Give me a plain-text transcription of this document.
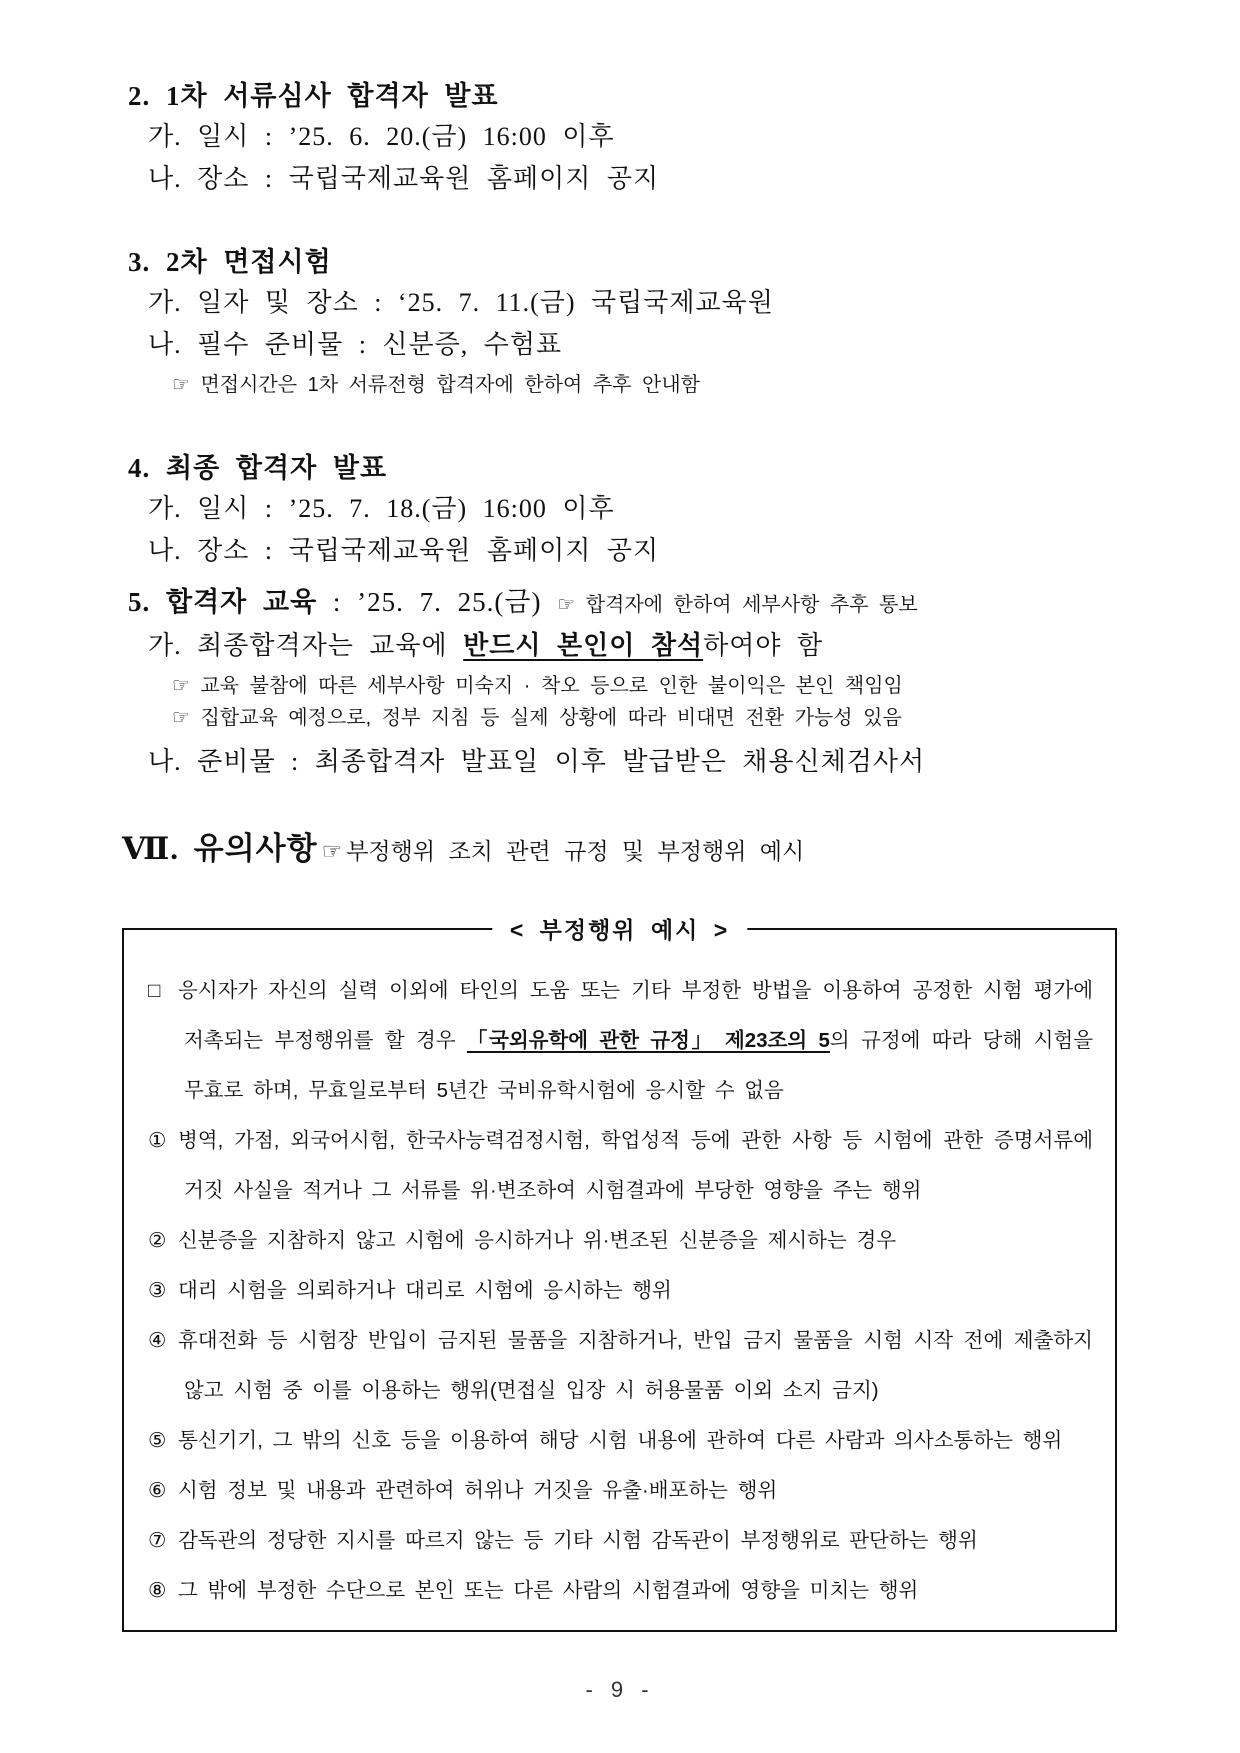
2. 1차 서류심사 합격자 발표

가. 일시 : ’25. 6. 20.(금) 16:00 이후

나. 장소 : 국립국제교육원 홈페이지 공지

3. 2차 면접시험

가. 일자 및 장소 : ‘25. 7. 11.(금) 국립국제교육원

나. 필수 준비물 : 신분증, 수험표

☞ 면접시간은 1차 서류전형 합격자에 한하여 추후 안내함

4. 최종 합격자 발표

가. 일시 : ’25. 7. 18.(금) 16:00 이후

나. 장소 : 국립국제교육원 홈페이지 공지

5. 합격자 교육 : ’25. 7. 25.(금) ☞ 합격자에 한하여 세부사항 추후 통보

가. 최종합격자는 교육에 반드시 본인이 참석하여야 함

☞ 교육 불참에 따른 세부사항 미숙지 · 착오 등으로 인한 불이익은 본인 책임임

☞ 집합교육 예정으로, 정부 지침 등 실제 상황에 따라 비대면 전환 가능성 있음

나. 준비물 : 최종합격자 발표일 이후 발급받은 채용신체검사서

Ⅶ. 유의사항 ☞ 부정행위 조치 관련 규정 및 부정행위 예시
< 부정행위 예시 >

□ 응시자가 자신의 실력 이외에 타인의 도움 또는 기타 부정한 방법을 이용하여 공정한 시험 평가에 저촉되는 부정행위를 할 경우 「국외유학에 관한 규정」 제23조의 5의 규정에 따라 당해 시험을 무효로 하며, 무효일로부터 5년간 국비유학시험에 응시할 수 없음

① 병역, 가점, 외국어시험, 한국사능력검정시험, 학업성적 등에 관한 사항 등 시험에 관한 증명서류에 거짓 사실을 적거나 그 서류를 위·변조하여 시험결과에 부당한 영향을 주는 행위

② 신분증을 지참하지 않고 시험에 응시하거나 위·변조된 신분증을 제시하는 경우

③ 대리 시험을 의뢰하거나 대리로 시험에 응시하는 행위

④ 휴대전화 등 시험장 반입이 금지된 물품을 지참하거나, 반입 금지 물품을 시험 시작 전에 제출하지 않고 시험 중 이를 이용하는 행위(면접실 입장 시 허용물품 이외 소지 금지)

⑤ 통신기기, 그 밖의 신호 등을 이용하여 해당 시험 내용에 관하여 다른 사람과 의사소통하는 행위

⑥ 시험 정보 및 내용과 관련하여 허위나 거짓을 유출·배포하는 행위

⑦ 감독관의 정당한 지시를 따르지 않는 등 기타 시험 감독관이 부정행위로 판단하는 행위

⑧ 그 밖에 부정한 수단으로 본인 또는 다른 사람의 시험결과에 영향을 미치는 행위

- 9 -
